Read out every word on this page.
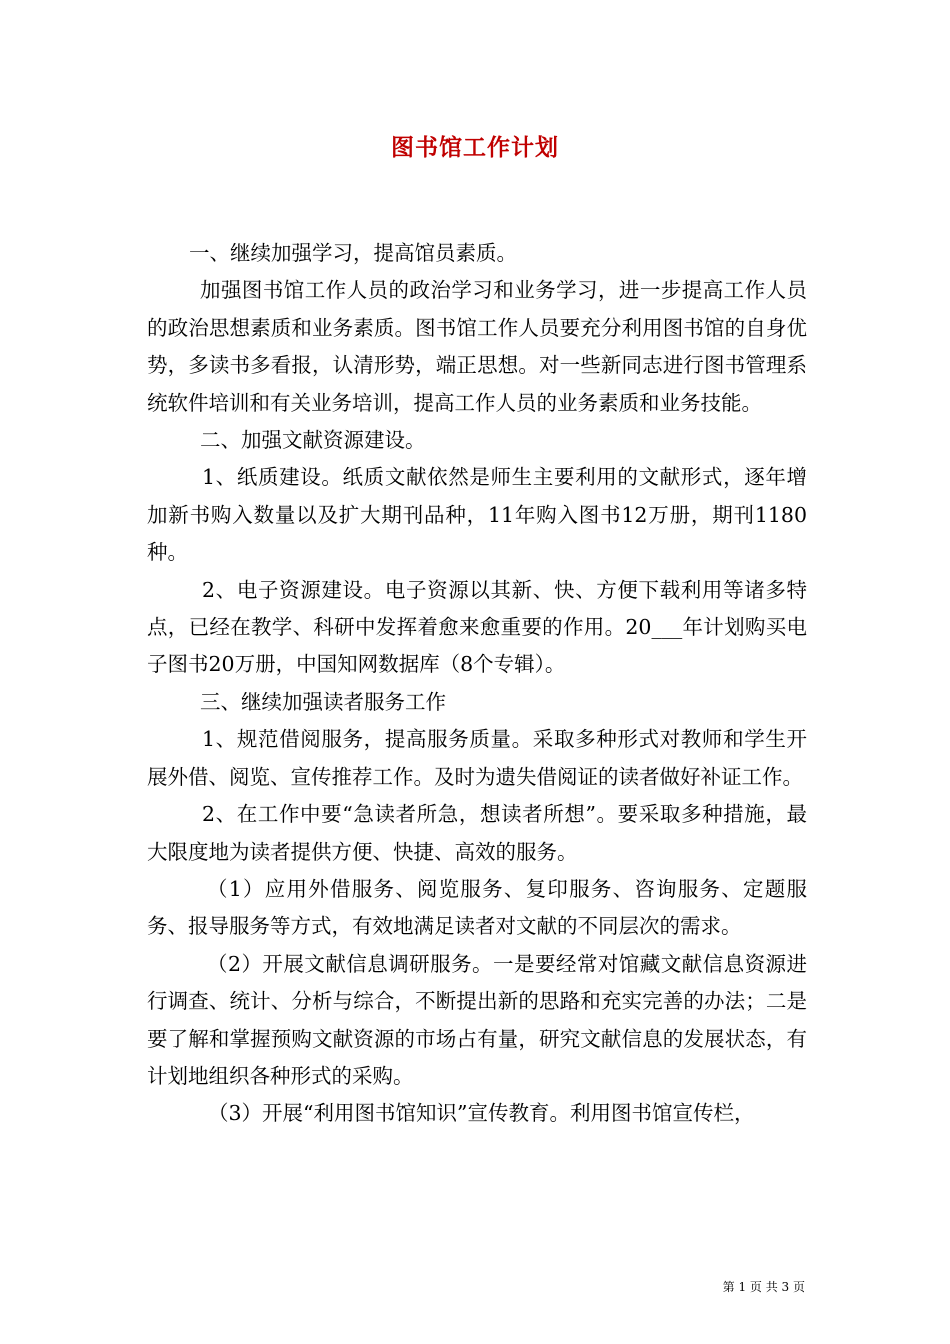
图书馆工作计划

一、继续加强学习，提高馆员素质。

加强图书馆工作人员的政治学习和业务学习，进一步提高工作人员的政治思想素质和业务素质。图书馆工作人员要充分利用图书馆的自身优势，多读书多看报，认清形势，端正思想。对一些新同志进行图书管理系统软件培训和有关业务培训，提高工作人员的业务素质和业务技能。

二、加强文献资源建设。

1、纸质建设。纸质文献依然是师生主要利用的文献形式，逐年增加新书购入数量以及扩大期刊品种，11年购入图书12万册，期刊1180种。

2、电子资源建设。电子资源以其新、快、方便下载利用等诸多特点，已经在教学、科研中发挥着愈来愈重要的作用。20___年计划购买电子图书20万册，中国知网数据库（8个专辑）。

三、继续加强读者服务工作

1、规范借阅服务，提高服务质量。采取多种形式对教师和学生开展外借、阅览、宣传推荐工作。及时为遗失借阅证的读者做好补证工作。

2、在工作中要“急读者所急，想读者所想”。要采取多种措施，最大限度地为读者提供方便、快捷、高效的服务。

（1）应用外借服务、阅览服务、复印服务、咨询服务、定题服务、报导服务等方式，有效地满足读者对文献的不同层次的需求。

（2）开展文献信息调研服务。一是要经常对馆藏文献信息资源进行调查、统计、分析与综合，不断提出新的思路和充实完善的办法；二是要了解和掌握预购文献资源的市场占有量，研究文献信息的发展状态，有计划地组织各种形式的采购。

（3）开展“利用图书馆知识”宣传教育。利用图书馆宣传栏，

第 1 页 共 3 页
